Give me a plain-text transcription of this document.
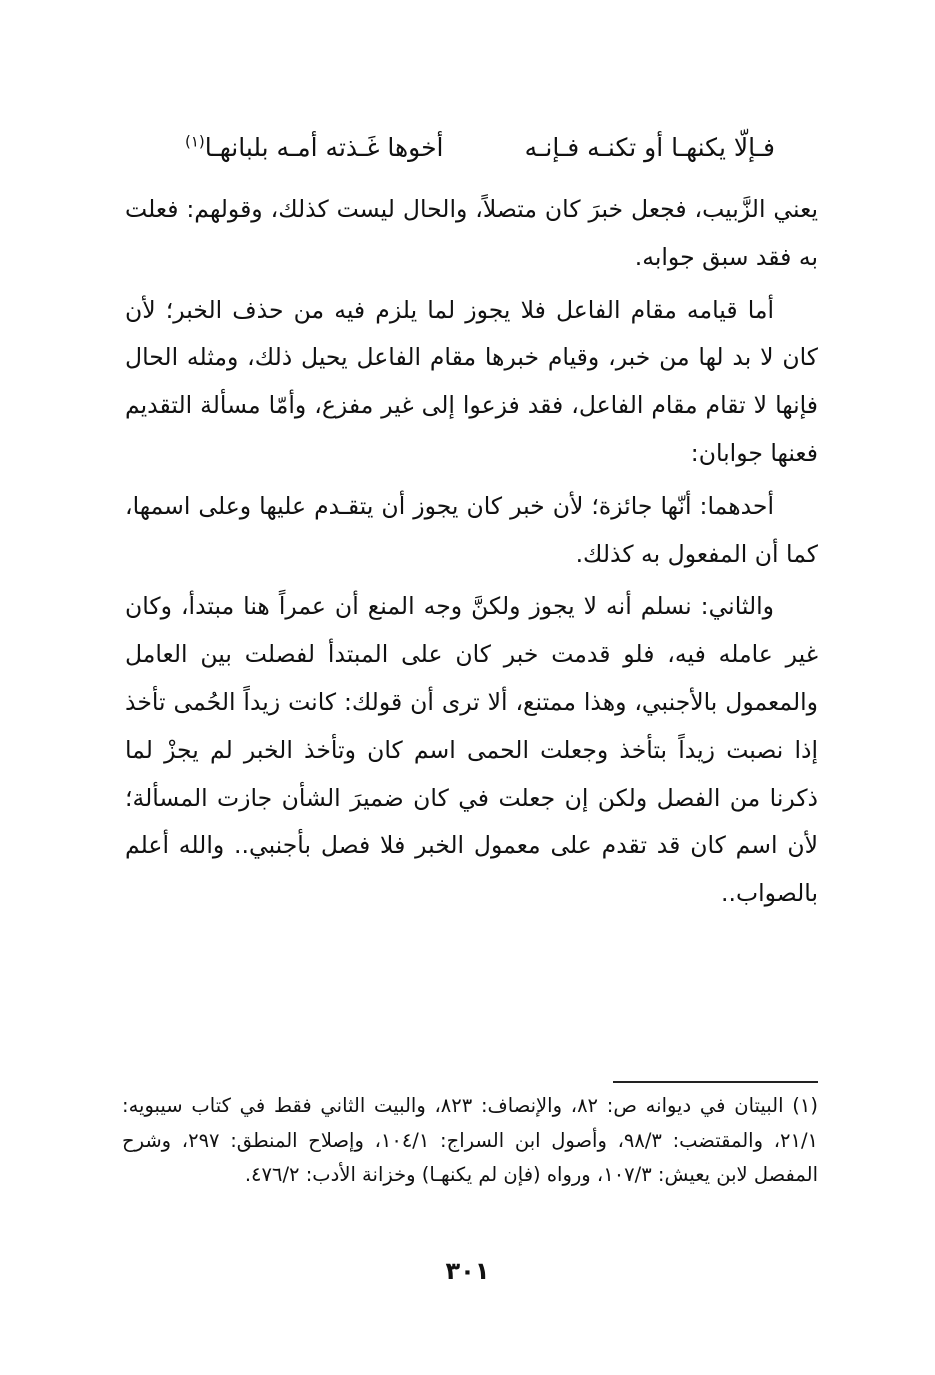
فـإلّا يكنهـا أو تكنـه فـإنـه
أخوها غَـذته أمـه بلبانهـا$^{(١)}$

يعني الزَّبيب، فجعل خبرَ كان متصلاً، والحال ليست كذلك، وقولهم: فعلت به فقد سبق جوابه.

أما قيامه مقام الفاعل فلا يجوز لما يلزم فيه من حذف الخبر؛ لأن كان لا بد لها من خبر، وقيام خبرها مقام الفاعل يحيل ذلك، ومثله الحال فإنها لا تقام مقام الفاعل، فقد فزعوا إلى غير مفزع، وأمّا مسألة التقديم فعنها جوابان:

أحدهما: أنّها جائزة؛ لأن خبر كان يجوز أن يتقـدم عليها وعلى اسمها، كما أن المفعول به كذلك.

والثاني: نسلم أنه لا يجوز ولكنَّ وجه المنع أن عمراً هنا مبتدأ، وكان غير عامله فيه، فلو قدمت خبر كان على المبتدأ لفصلت بين العامل والمعمول بالأجنبي، وهذا ممتنع، ألا ترى أن قولك: كانت زيداً الحُمى تأخذ إذا نصبت زيداً بتأخذ وجعلت الحمى اسم كان وتأخذ الخبر لم يجزْ لما ذكرنا من الفصل ولكن إن جعلت في كان ضميرَ الشأن جازت المسألة؛ لأن اسم كان قد تقدم على معمول الخبر فلا فصل بأجنبي.. والله أعلم بالصواب..

(١) البيتان في ديوانه ص: ٨٢، والإنصاف: ٨٢٣، والبيت الثاني فقط في كتاب سيبويه: ٢١/١، والمقتضب: ٩٨/٣، وأصول ابن السراج: ١٠٤/١، وإصلاح المنطق: ٢٩٧، وشرح المفصل لابن يعيش: ١٠٧/٣، ورواه (فإن لم يكنهـا) وخزانة الأدب: ٤٧٦/٢.
٣٠١
